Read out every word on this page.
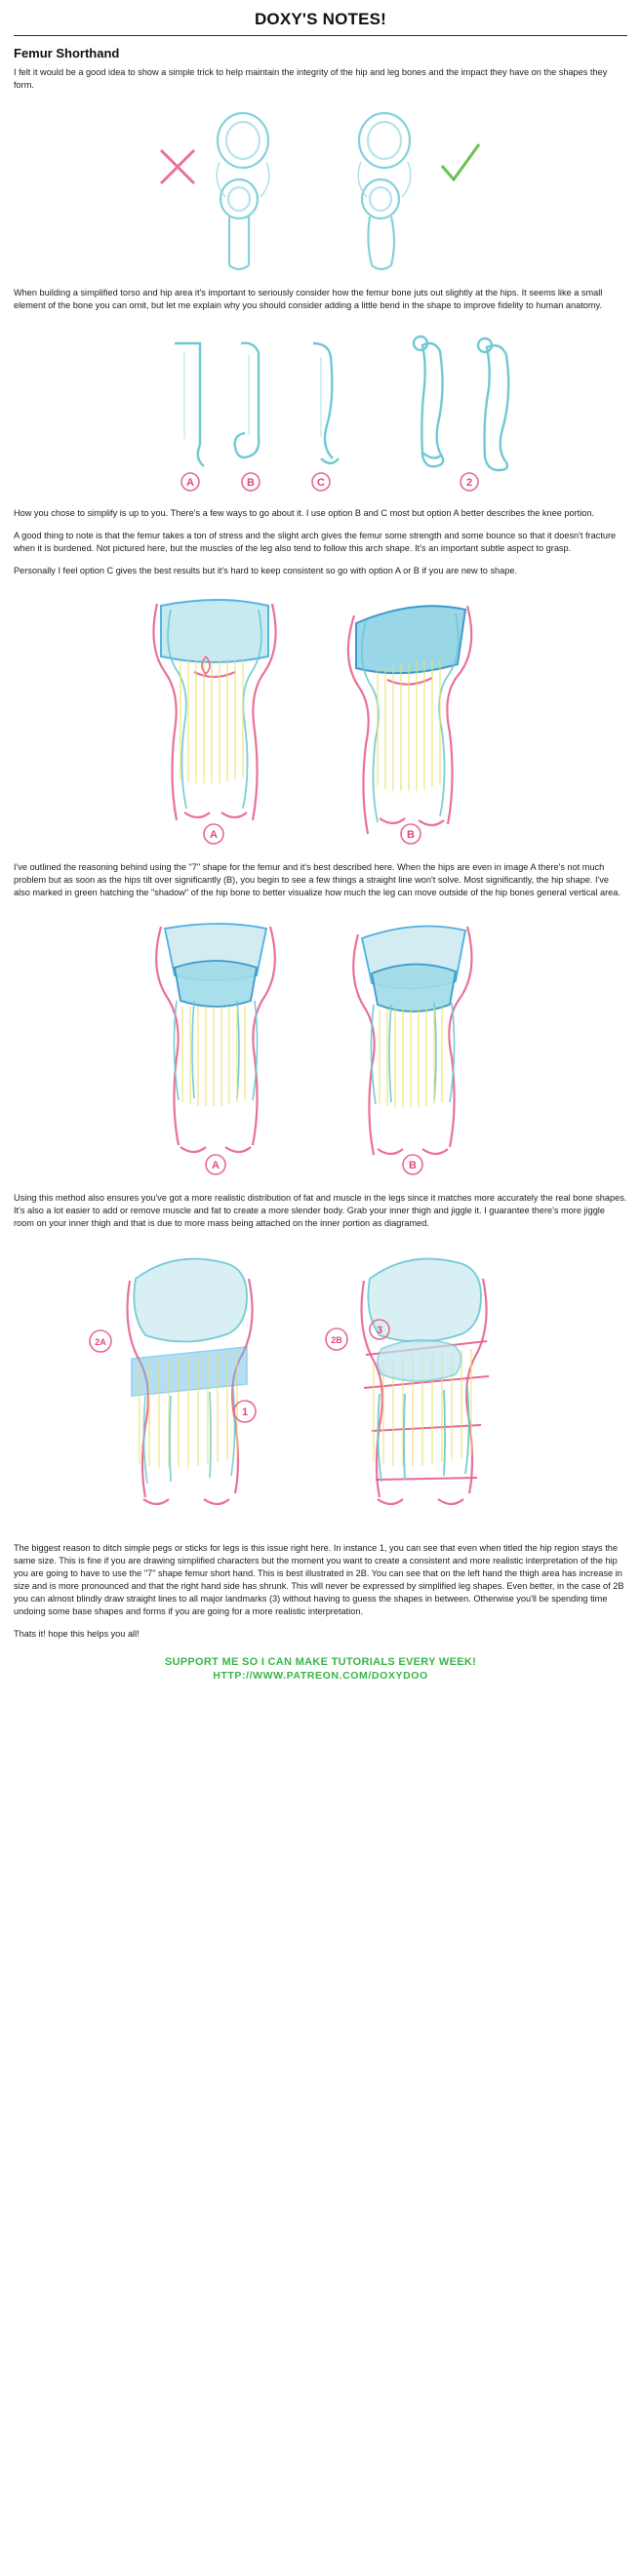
DOXY'S NOTES!
Femur Shorthand

I felt it would be a good idea to show a simple trick to help maintain the integrity of the hip and leg bones and the impact they have on the shapes they form.

When building a simplified torso and hip area it's important to seriously consider how the femur bone juts out slightly at the hips. It seems like a small element of the bone you can omit, but let me explain why you should consider adding a little bend in the shape to improve fidelity to human anatomy.

A	B	C	2

How you chose to simplify is up to you. There's a few ways to go about it. I use option B and C most but option A better describes the knee portion.

A good thing to note is that the femur takes a ton of stress and the slight arch gives the femur some strength and some bounce so that it doesn't fracture when it is burdened. Not pictured here, but the muscles of the leg also tend to follow this arch shape. It's an important subtle aspect to grasp.

Personally I feel option C gives the best results but it's hard to keep consistent so go with option A or B if you are new to shape.

A	B

I've outlined the reasoning behind using the "7" shape for the femur and it's best described here. When the hips are even in image A there's not much problem but as soon as the hips tilt over significantly (B), you begin to see a few things a straight line won't solve. Most significantly, the hip shape. I've also marked in green hatching the "shadow" of the hip bone to better visualize how much the leg can move outside of the hip bones general vertical area.

A	B

Using this method also ensures you've got a more realistic distribution of fat and muscle in the legs since it matches more accurately the real bone shapes. It's also a lot easier to add or remove muscle and fat to create a more slender body. Grab your inner thigh and jiggle it. I guarantee there's more jiggle room on your inner thigh and that is due to more mass being attached on the inner portion as diagramed.

2A
1
2B
3

The biggest reason to ditch simple pegs or sticks for legs is this issue right here. In instance 1, you can see that even when titled the hip region stays the same size. This is fine if you are drawing simplified characters but the moment you want to create a consistent and more realistic interpretation of the hip you are going to have to use the "7" shape femur short hand. This is best illustrated in 2B. You can see that on the left hand the thigh area has increase in size and is more pronounced and that the right hand side has shrunk. This will never be expressed by simplified leg shapes. Even better, in the case of 2B you can almost blindly draw straight lines to all major landmarks (3) without having to guess the shapes in between. Otherwise you'll be spending time undoing some base shapes and forms if you are going for a more realistic interpretation.

Thats it! hope this helps you all!

SUPPORT ME SO I CAN MAKE TUTORIALS EVERY WEEK!
HTTP://WWW.PATREON.COM/DOXYDOO
